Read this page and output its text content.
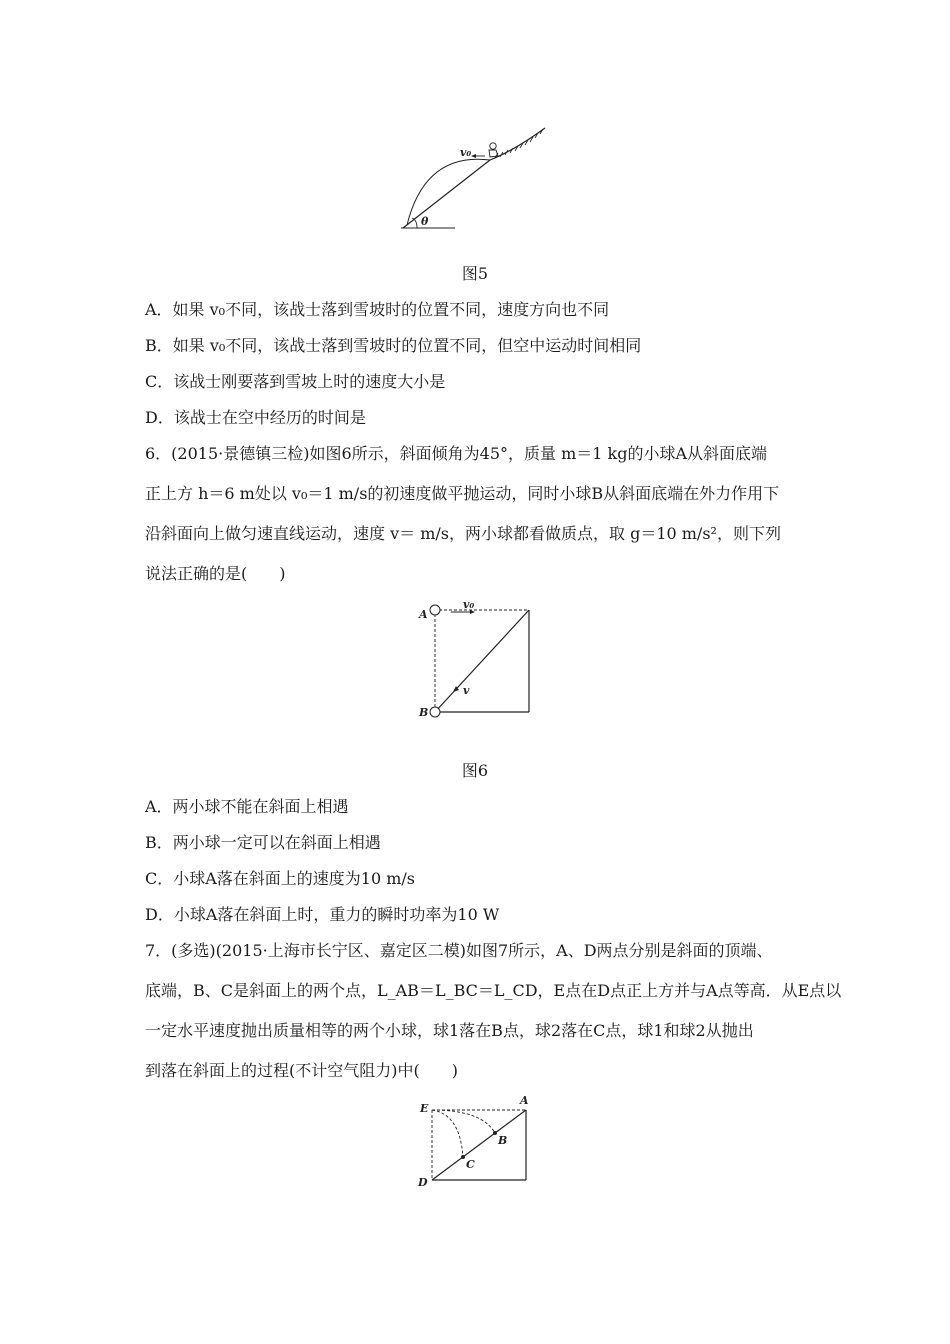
v₀
θ
图5
A．如果 v₀不同，该战士落到雪坡时的位置不同，速度方向也不同
B．如果 v₀不同，该战士落到雪坡时的位置不同，但空中运动时间相同
C．该战士刚要落到雪坡上时的速度大小是
D．该战士在空中经历的时间是
6．(2015·景德镇三检)如图6所示，斜面倾角为45°，质量 m＝1 kg的小球A从斜面底端
正上方 h＝6 m处以 v₀＝1 m/s的初速度做平抛运动，同时小球B从斜面底端在外力作用下
沿斜面向上做匀速直线运动，速度 v＝ m/s，两小球都看做质点，取 g＝10 m/s²，则下列
说法正确的是(　　)
A
B
v₀
v
图6
A．两小球不能在斜面上相遇
B．两小球一定可以在斜面上相遇
C．小球A落在斜面上的速度为10 m/s
D．小球A落在斜面上时，重力的瞬时功率为10 W
7．(多选)(2015·上海市长宁区、嘉定区二模)如图7所示，A、D两点分别是斜面的顶端、
底端，B、C是斜面上的两个点，L_AB＝L_BC＝L_CD，E点在D点正上方并与A点等高．从E点以
一定水平速度抛出质量相等的两个小球，球1落在B点，球2落在C点，球1和球2从抛出
到落在斜面上的过程(不计空气阻力)中(　　)
E
A
B
C
D
